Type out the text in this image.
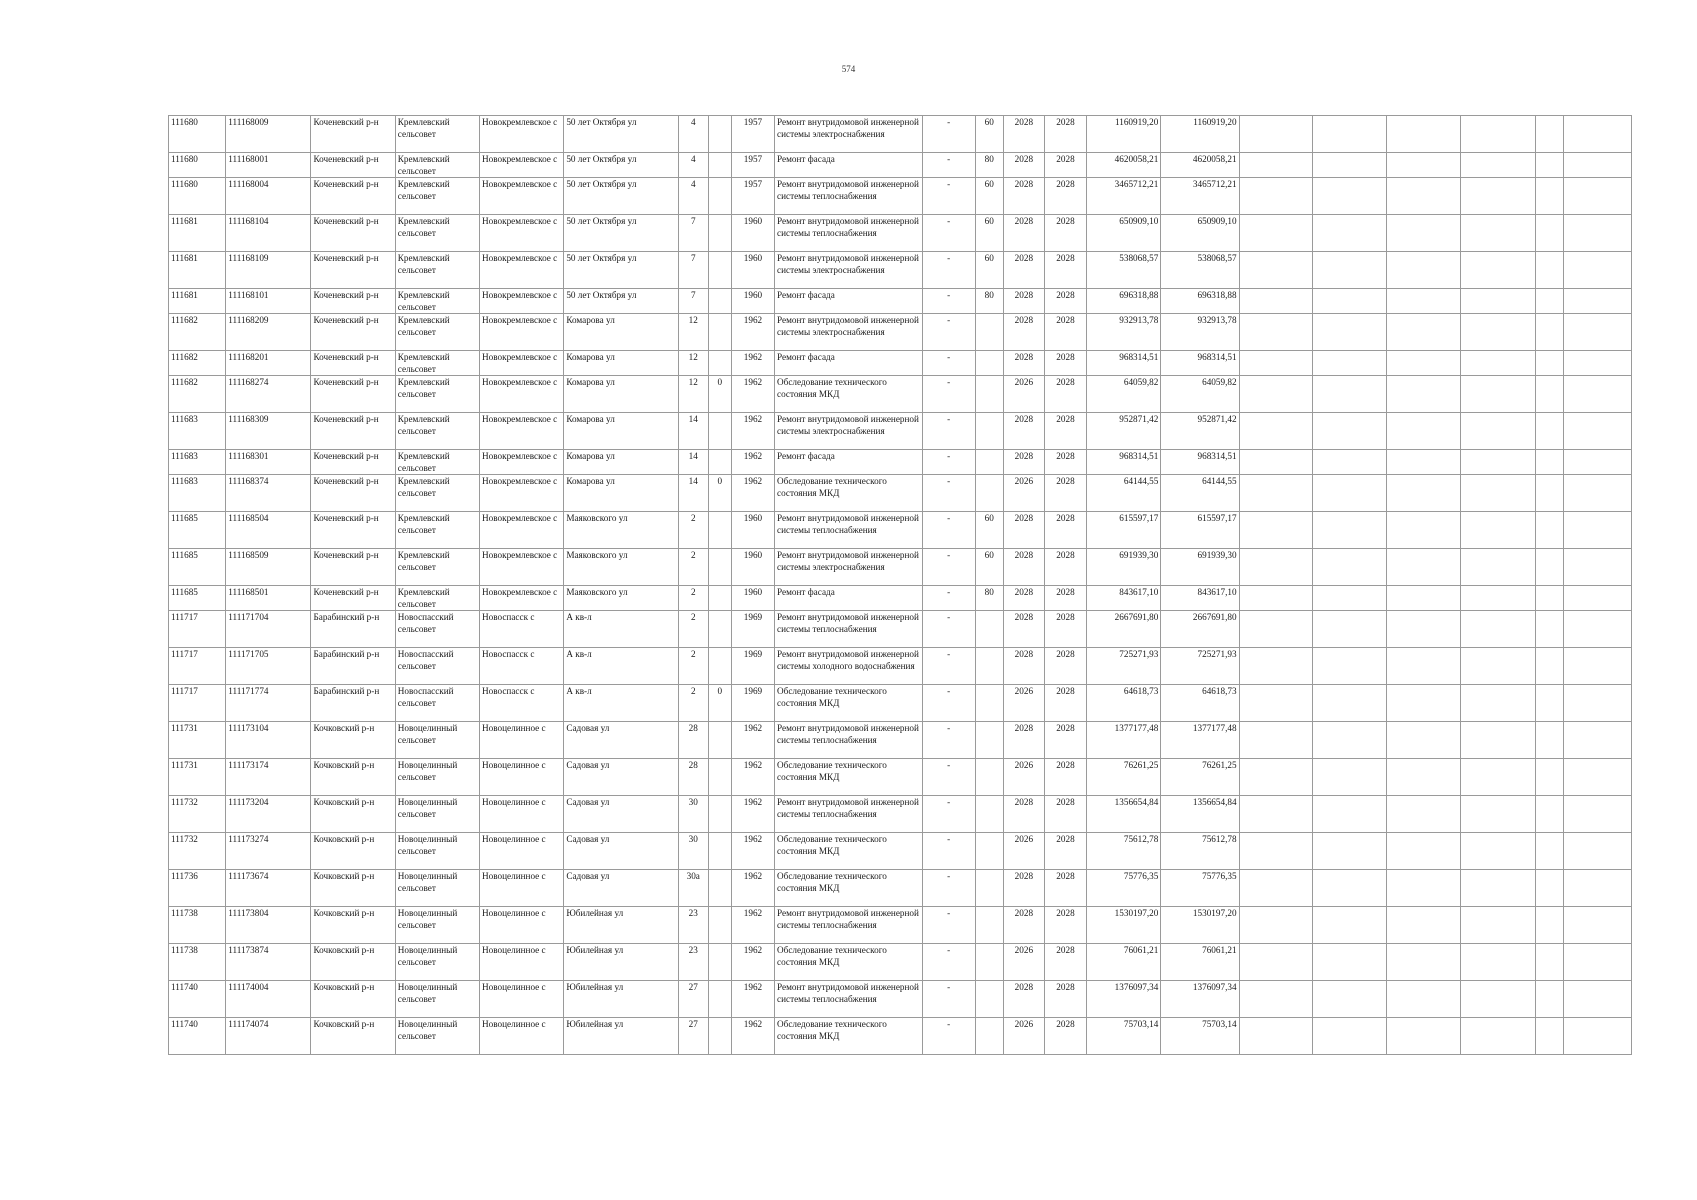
574
111680	111168009	Коченевский р-н	Кремлевский сельсовет	Новокремлевское с	50 лет Октября ул	4		1957	Ремонт внутридомовой инженерной системы электроснабжения	-	60	2028	2028	1160919,20	1160919,20						
111680	111168001	Коченевский р-н	Кремлевский сельсовет	Новокремлевское с	50 лет Октября ул	4		1957	Ремонт фасада	-	80	2028	2028	4620058,21	4620058,21						
111680	111168004	Коченевский р-н	Кремлевский сельсовет	Новокремлевское с	50 лет Октября ул	4		1957	Ремонт внутридомовой инженерной системы теплоснабжения	-	60	2028	2028	3465712,21	3465712,21						
111681	111168104	Коченевский р-н	Кремлевский сельсовет	Новокремлевское с	50 лет Октября ул	7		1960	Ремонт внутридомовой инженерной системы теплоснабжения	-	60	2028	2028	650909,10	650909,10						
111681	111168109	Коченевский р-н	Кремлевский сельсовет	Новокремлевское с	50 лет Октября ул	7		1960	Ремонт внутридомовой инженерной системы электроснабжения	-	60	2028	2028	538068,57	538068,57						
111681	111168101	Коченевский р-н	Кремлевский сельсовет	Новокремлевское с	50 лет Октября ул	7		1960	Ремонт фасада	-	80	2028	2028	696318,88	696318,88						
111682	111168209	Коченевский р-н	Кремлевский сельсовет	Новокремлевское с	Комарова ул	12		1962	Ремонт внутридомовой инженерной системы электроснабжения	-		2028	2028	932913,78	932913,78						
111682	111168201	Коченевский р-н	Кремлевский сельсовет	Новокремлевское с	Комарова ул	12		1962	Ремонт фасада	-		2028	2028	968314,51	968314,51						
111682	111168274	Коченевский р-н	Кремлевский сельсовет	Новокремлевское с	Комарова ул	12	0	1962	Обследование технического состояния МКД	-		2026	2028	64059,82	64059,82						
111683	111168309	Коченевский р-н	Кремлевский сельсовет	Новокремлевское с	Комарова ул	14		1962	Ремонт внутридомовой инженерной системы электроснабжения	-		2028	2028	952871,42	952871,42						
111683	111168301	Коченевский р-н	Кремлевский сельсовет	Новокремлевское с	Комарова ул	14		1962	Ремонт фасада	-		2028	2028	968314,51	968314,51						
111683	111168374	Коченевский р-н	Кремлевский сельсовет	Новокремлевское с	Комарова ул	14	0	1962	Обследование технического состояния МКД	-		2026	2028	64144,55	64144,55						
111685	111168504	Коченевский р-н	Кремлевский сельсовет	Новокремлевское с	Маяковского ул	2		1960	Ремонт внутридомовой инженерной системы теплоснабжения	-	60	2028	2028	615597,17	615597,17						
111685	111168509	Коченевский р-н	Кремлевский сельсовет	Новокремлевское с	Маяковского ул	2		1960	Ремонт внутридомовой инженерной системы электроснабжения	-	60	2028	2028	691939,30	691939,30						
111685	111168501	Коченевский р-н	Кремлевский сельсовет	Новокремлевское с	Маяковского ул	2		1960	Ремонт фасада	-	80	2028	2028	843617,10	843617,10						
111717	111171704	Барабинский р-н	Новоспасский сельсовет	Новоспасск с	А кв-л	2		1969	Ремонт внутридомовой инженерной системы теплоснабжения	-		2028	2028	2667691,80	2667691,80						
111717	111171705	Барабинский р-н	Новоспасский сельсовет	Новоспасск с	А кв-л	2		1969	Ремонт внутридомовой инженерной системы холодного водоснабжения	-		2028	2028	725271,93	725271,93						
111717	111171774	Барабинский р-н	Новоспасский сельсовет	Новоспасск с	А кв-л	2	0	1969	Обследование технического состояния МКД	-		2026	2028	64618,73	64618,73						
111731	111173104	Кочковский р-н	Новоцелинный сельсовет	Новоцелинное с	Садовая ул	28		1962	Ремонт внутридомовой инженерной системы теплоснабжения	-		2028	2028	1377177,48	1377177,48						
111731	111173174	Кочковский р-н	Новоцелинный сельсовет	Новоцелинное с	Садовая ул	28		1962	Обследование технического состояния МКД	-		2026	2028	76261,25	76261,25						
111732	111173204	Кочковский р-н	Новоцелинный сельсовет	Новоцелинное с	Садовая ул	30		1962	Ремонт внутридомовой инженерной системы теплоснабжения	-		2028	2028	1356654,84	1356654,84						
111732	111173274	Кочковский р-н	Новоцелинный сельсовет	Новоцелинное с	Садовая ул	30		1962	Обследование технического состояния МКД	-		2026	2028	75612,78	75612,78						
111736	111173674	Кочковский р-н	Новоцелинный сельсовет	Новоцелинное с	Садовая ул	30а		1962	Обследование технического состояния МКД	-		2028	2028	75776,35	75776,35						
111738	111173804	Кочковский р-н	Новоцелинный сельсовет	Новоцелинное с	Юбилейная ул	23		1962	Ремонт внутридомовой инженерной системы теплоснабжения	-		2028	2028	1530197,20	1530197,20						
111738	111173874	Кочковский р-н	Новоцелинный сельсовет	Новоцелинное с	Юбилейная ул	23		1962	Обследование технического состояния МКД	-		2026	2028	76061,21	76061,21						
111740	111174004	Кочковский р-н	Новоцелинный сельсовет	Новоцелинное с	Юбилейная ул	27		1962	Ремонт внутридомовой инженерной системы теплоснабжения	-		2028	2028	1376097,34	1376097,34						
111740	111174074	Кочковский р-н	Новоцелинный сельсовет	Новоцелинное с	Юбилейная ул	27		1962	Обследование технического состояния МКД	-		2026	2028	75703,14	75703,14						
